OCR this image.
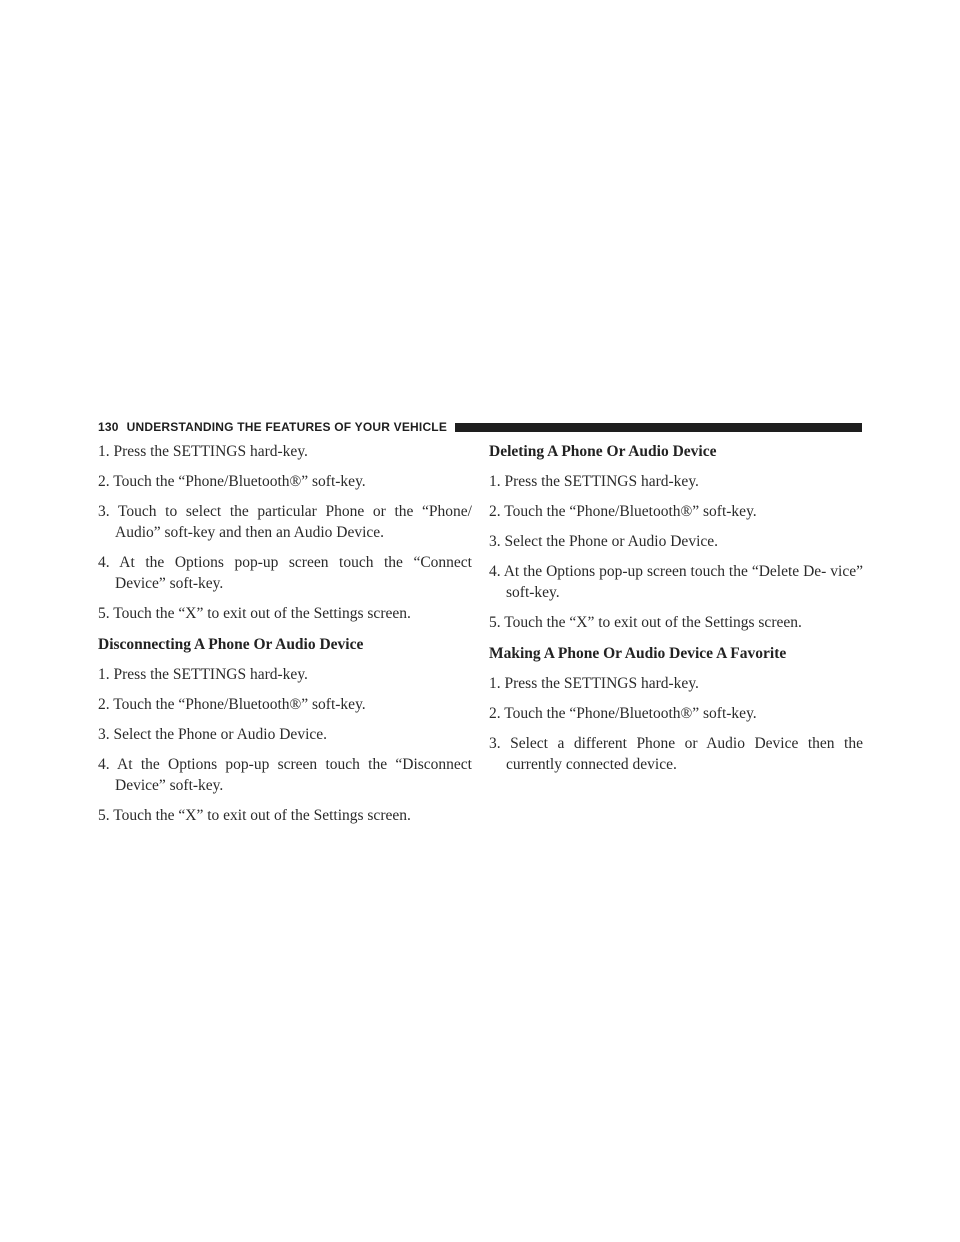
130 UNDERSTANDING THE FEATURES OF YOUR VEHICLE
1. Press the SETTINGS hard-key.
2. Touch the “Phone/Bluetooth®” soft-key.
3. Touch to select the particular Phone or the “Phone/ Audio” soft-key and then an Audio Device.
4. At the Options pop-up screen touch the “Connect Device” soft-key.
5. Touch the “X” to exit out of the Settings screen.
Disconnecting A Phone Or Audio Device
1. Press the SETTINGS hard-key.
2. Touch the “Phone/Bluetooth®” soft-key.
3. Select the Phone or Audio Device.
4. At the Options pop-up screen touch the “Disconnect Device” soft-key.
5. Touch the “X” to exit out of the Settings screen.
Deleting A Phone Or Audio Device
1. Press the SETTINGS hard-key.
2. Touch the “Phone/Bluetooth®” soft-key.
3. Select the Phone or Audio Device.
4. At the Options pop-up screen touch the “Delete De- vice” soft-key.
5. Touch the “X” to exit out of the Settings screen.
Making A Phone Or Audio Device A Favorite
1. Press the SETTINGS hard-key.
2. Touch the “Phone/Bluetooth®” soft-key.
3. Select a different Phone or Audio Device then the currently connected device.
